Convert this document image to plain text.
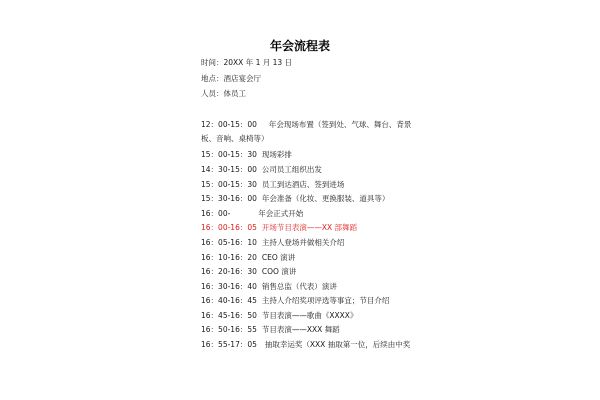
年会流程表
时间：20XX 年 1 月 13 日
地点：酒店宴会厅
人员：体员工
12：00-15：00 年会现场布置（签到处、气球、舞台、背景
板、音响、桌椅等）
15：00-15：30 现场彩排
14：30-15：00 公司员工组织出发
15：00-15：30 员工到达酒店、签到进场
15：30-16：00 年会准备（化妆、更换服装、道具等）
16：00-	年会正式开始
16：00-16：05 开场节目表演——XX 部舞蹈
16：05-16：10 主持人登场并做相关介绍
16：10-16：20 CEO 演讲
16：20-16：30 COO 演讲
16：30-16：40 销售总监（代表）演讲
16：40-16：45 主持人介绍奖项评选等事宜；节目介绍
16：45-16：50 节目表演——歌曲《XXXX》
16：50-16：55 节目表演——XXX 舞蹈
16：55-17：05 抽取幸运奖（XXX 抽取第一位，后续由中奖
